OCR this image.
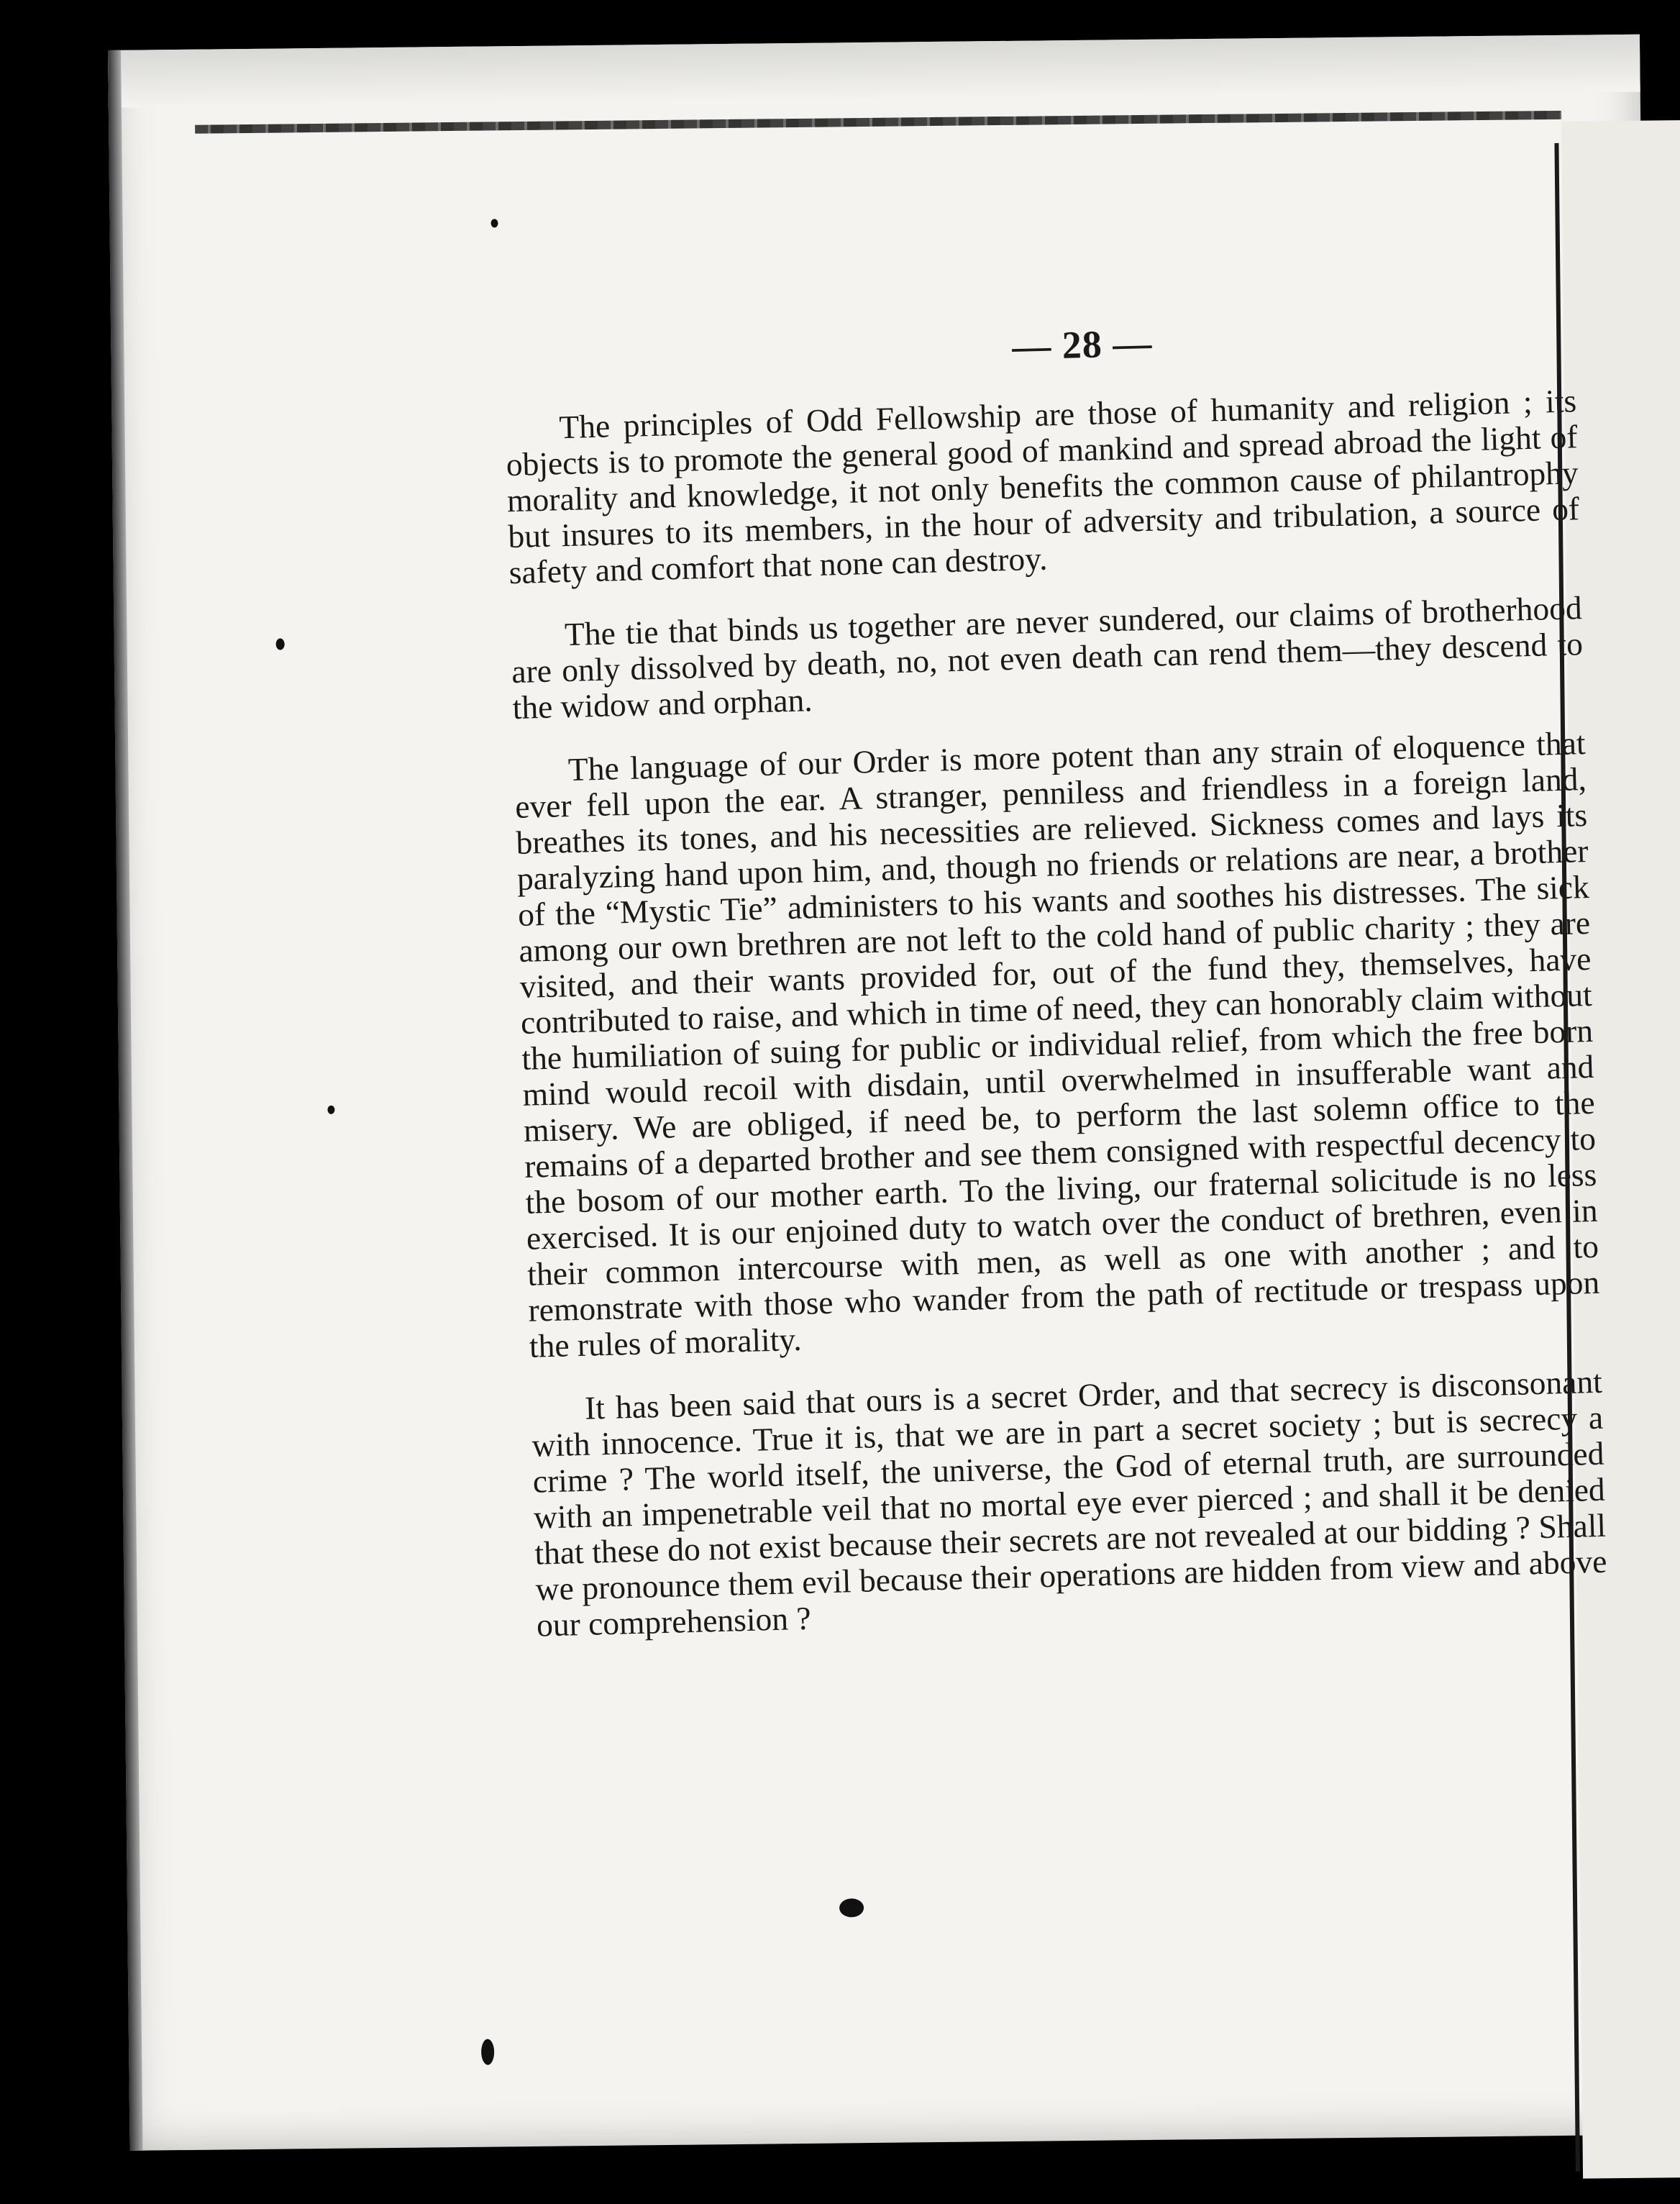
— 28 —

The principles of Odd Fellowship are those of humanity and religion ; its objects is to promote the general good of mankind and spread abroad the light of morality and knowledge, it not only benefits the common cause of philantrophy but insures to its members, in the hour of adversity and tribulation, a source of safety and comfort that none can destroy.

The tie that binds us together are never sundered, our claims of brotherhood are only dissolved by death, no, not even death can rend them—they descend to the widow and orphan.

The language of our Order is more potent than any strain of eloquence that ever fell upon the ear. A stranger, penniless and friendless in a foreign land, breathes its tones, and his necessities are relieved. Sickness comes and lays its paralyzing hand upon him, and, though no friends or relations are near, a brother of the “Mystic Tie” administers to his wants and soothes his distresses. The sick among our own brethren are not left to the cold hand of public charity ; they are visited, and their wants provided for, out of the fund they, themselves, have contributed to raise, and which in time of need, they can honorably claim without the humiliation of suing for public or individual relief, from which the free born mind would recoil with disdain, until overwhelmed in insufferable want and misery. We are obliged, if need be, to perform the last solemn office to the remains of a departed brother and see them consigned with respectful decency to the bosom of our mother earth. To the living, our fraternal solicitude is no less exercised. It is our enjoined duty to watch over the conduct of brethren, even in their common intercourse with men, as well as one with another ; and to remonstrate with those who wander from the path of rectitude or trespass upon the rules of morality.

It has been said that ours is a secret Order, and that secrecy is disconsonant with innocence. True it is, that we are in part a secret society ; but is secrecy a crime ? The world itself, the universe, the God of eternal truth, are surrounded with an impenetrable veil that no mortal eye ever pierced ; and shall it be denied that these do not exist because their secrets are not revealed at our bidding ? Shall we pronounce them evil because their operations are hidden from view and above our comprehension ?
